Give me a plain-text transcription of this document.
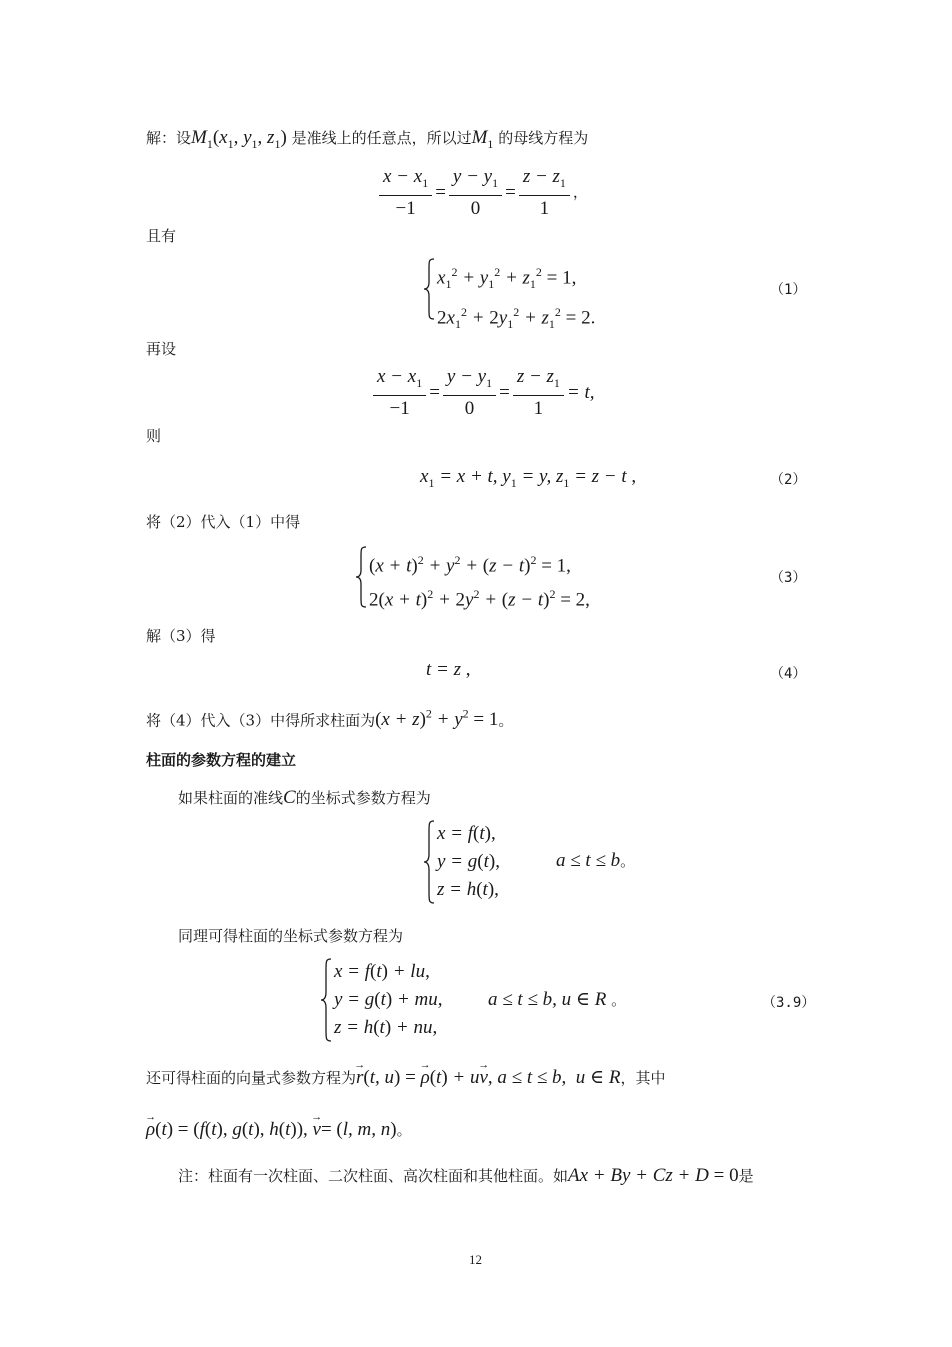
解：设$M_1(x_1$, $y_1$, $z_1$) 是准线上的任意点，所以过$M_1$ 的母线方程为
$\frac{x - x_1}{-1} = \frac{y - y_1}{0} = \frac{z - z_1}{1}$ ，
且有
$x_1^2 + y_1^2 + z_1^2 = 1$,
$2x_1^2 + 2y_1^2 + z_1^2 = 2$.
（1）
再设
$\frac{x - x_1}{-1} = \frac{y - y_1}{0} = \frac{z - z_1}{1} = t$,
则
$x_1 = x + t$, $y_1 = y$, $z_1 = z - t$ ,	（2）
将（2）代入（1）中得
$(x + t)^2 + y^2 + (z - t)^2 = 1$,
$2(x + t)^2 + 2y^2 + (z - t)^2 = 2$,
（3）
解（3）得
t = z ,	（4）
将（4）代入（3）中得所求柱面为$(x + z)^2 + y^2 = 1$。
柱面的参数方程的建立
如果柱面的准线C的坐标式参数方程为
x = f(t),
y = g(t),
z = h(t),
a ≤ t ≤ b。
同理可得柱面的坐标式参数方程为
x = f(t) + lu,
y = g(t) + mu,
z = h(t) + nu,
a ≤ t ≤ b, u ∈ R 。	（3.9）
还可得柱面的向量式参数方程为→ r(t, u) = → ρ(t) + u→ v, a ≤ t ≤ b,  u ∈ R，其中
→ ρ(t) = (f(t), g(t), h(t)), → v= (l, m, n)。
注：柱面有一次柱面、二次柱面、高次柱面和其他柱面。如Ax + By + Cz + D = 0是
12
